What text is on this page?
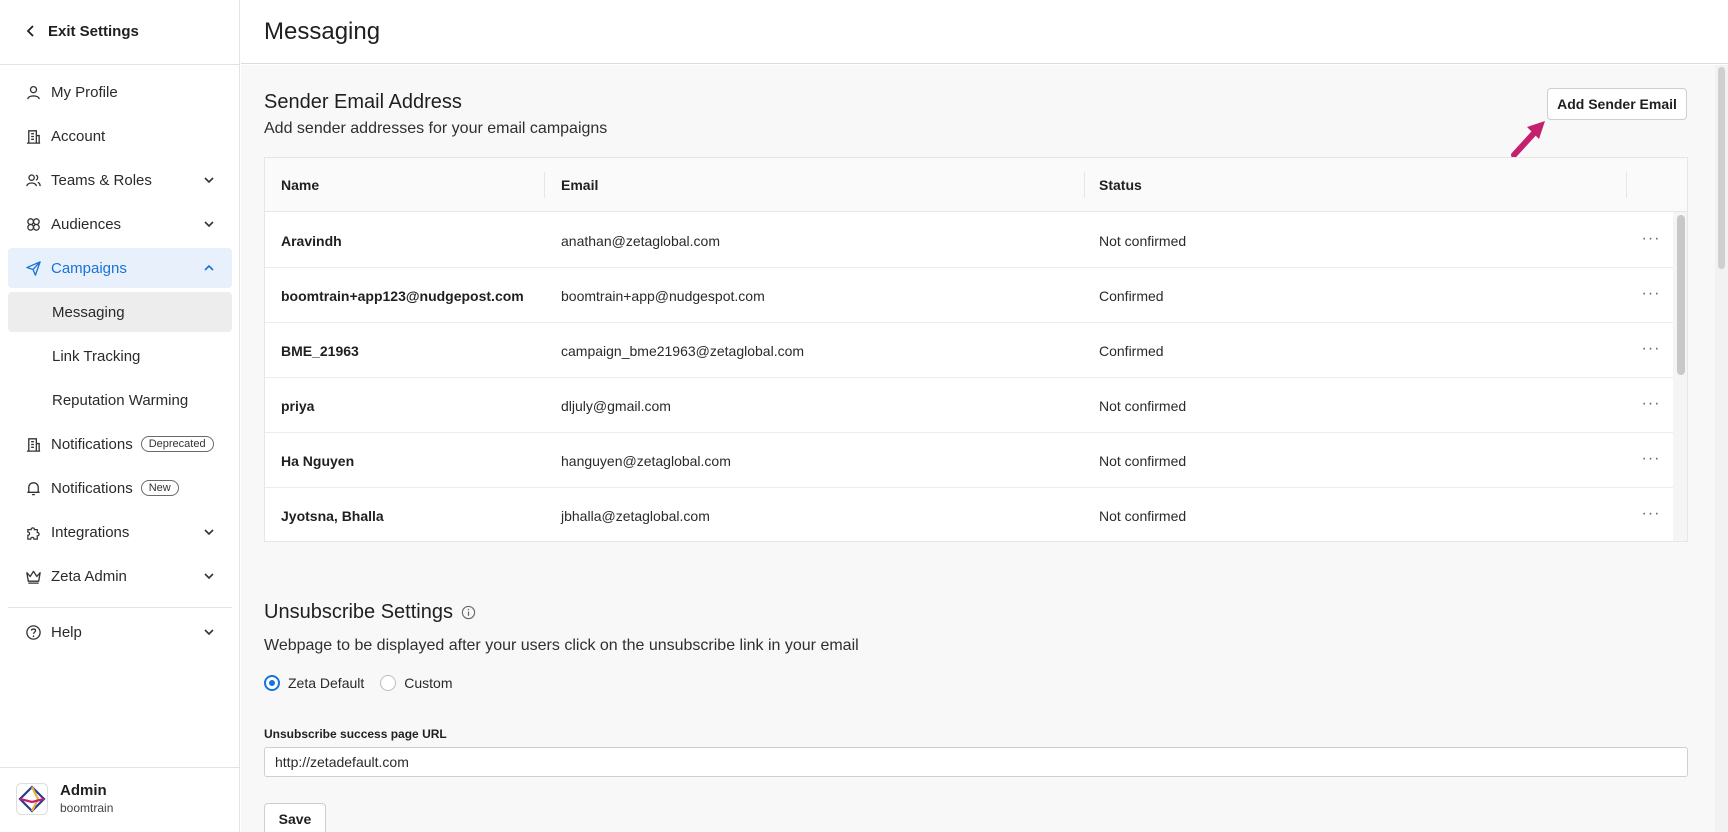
Exit Settings
My Profile
Account
Teams & Roles
Audiences
Campaigns
Messaging
Link Tracking
Reputation Warming
Notifications	Deprecated
Notifications	New
Integrations
Zeta Admin
Help
Admin
boomtrain
Messaging
Sender Email Address
Add sender addresses for your email campaigns
Add Sender Email
Name	Email	Status
Aravindh	anathan@zetaglobal.com	Not confirmed	···
boomtrain+app123@nudgepost.com	boomtrain+app@nudgespot.com	Confirmed	···
BME_21963	campaign_bme21963@zetaglobal.com	Confirmed	···
priya	dljuly@gmail.com	Not confirmed	···
Ha Nguyen	hanguyen@zetaglobal.com	Not confirmed	···
Jyotsna, Bhalla	jbhalla@zetaglobal.com	Not confirmed	···
Unsubscribe Settings
Webpage to be displayed after your users click on the unsubscribe link in your email
Zeta Default	Custom
Unsubscribe success page URL
http://zetadefault.com
Save
